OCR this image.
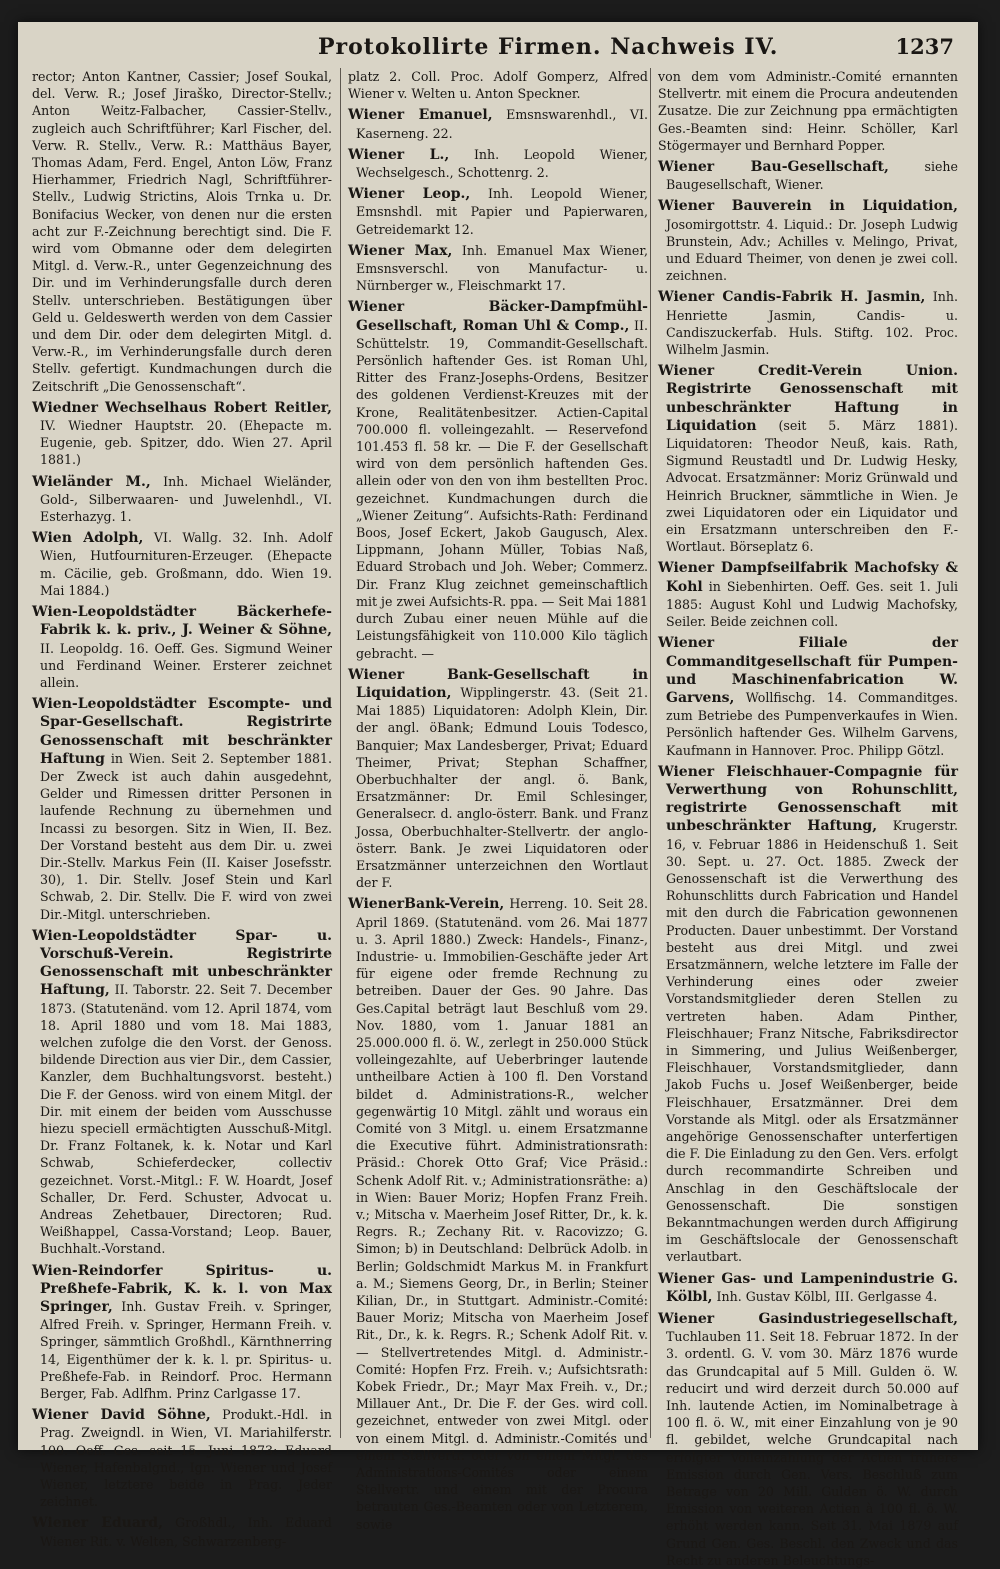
Protokollirte Firmen. Nachweis IV.	1237

rector; Anton Kantner, Cassier; Josef Soukal, del. Verw. R.; Josef Jiraško, Director-Stellv.; Anton Weitz-Falbacher, Cassier-Stellv., zugleich auch Schriftführer; Karl Fischer, del. Verw. R. Stellv., Verw. R.: Matthäus Bayer, Thomas Adam, Ferd. Engel, Anton Löw, Franz Hierhammer, Friedrich Nagl, Schriftführer-Stellv., Ludwig Strictins, Alois Trnka u. Dr. Bonifacius Wecker, von denen nur die ersten acht zur F.-Zeichnung berechtigt sind. Die F. wird vom Obmanne oder dem delegirten Mitgl. d. Verw.-R., unter Gegenzeichnung des Dir. und im Verhinderungsfalle durch deren Stellv. unterschrieben. Bestätigungen über Geld u. Geldeswerth werden von dem Cassier und dem Dir. oder dem delegirten Mitgl. d. Verw.-R., im Verhinderungsfalle durch deren Stellv. gefertigt. Kundmachungen durch die Zeitschrift „Die Genossenschaft“.

Wiedner Wechselhaus Robert Reitler, IV. Wiedner Hauptstr. 20. (Ehepacte m. Eugenie, geb. Spitzer, ddo. Wien 27. April 1881.)

Wieländer M., Inh. Michael Wieländer, Gold-, Silberwaaren- und Juwelenhdl., VI. Esterhazyg. 1.

Wien Adolph, VI. Wallg. 32. Inh. Adolf Wien, Hutfournituren-Erzeuger. (Ehepacte m. Cäcilie, geb. Großmann, ddo. Wien 19. Mai 1884.)

Wien-Leopoldstädter Bäckerhefe-Fabrik k. k. priv., J. Weiner & Söhne, II. Leopoldg. 16. Oeff. Ges. Sigmund Weiner und Ferdinand Weiner. Ersterer zeichnet allein.

Wien-Leopoldstädter Escompte- und Spar-Gesellschaft. Registrirte Genossenschaft mit beschränkter Haftung in Wien. Seit 2. September 1881. Der Zweck ist auch dahin ausgedehnt, Gelder und Rimessen dritter Personen in laufende Rechnung zu übernehmen und Incassi zu besorgen. Sitz in Wien, II. Bez. Der Vorstand besteht aus dem Dir. u. zwei Dir.-Stellv. Markus Fein (II. Kaiser Josefsstr. 30), 1. Dir. Stellv. Josef Stein und Karl Schwab, 2. Dir. Stellv. Die F. wird von zwei Dir.-Mitgl. unterschrieben.

Wien-Leopoldstädter Spar- u. Vorschuß-Verein. Registrirte Genossenschaft mit unbeschränkter Haftung, II. Taborstr. 22. Seit 7. December 1873. (Statutenänd. vom 12. April 1874, vom 18. April 1880 und vom 18. Mai 1883, welchen zufolge die den Vorst. der Genoss. bildende Direction aus vier Dir., dem Cassier, Kanzler, dem Buchhaltungsvorst. besteht.) Die F. der Genoss. wird von einem Mitgl. der Dir. mit einem der beiden vom Ausschusse hiezu speciell ermächtigten Ausschuß-Mitgl. Dr. Franz Foltanek, k. k. Notar und Karl Schwab, Schieferdecker, collectiv gezeichnet. Vorst.-Mitgl.: F. W. Hoardt, Josef Schaller, Dr. Ferd. Schuster, Advocat u. Andreas Zehetbauer, Directoren; Rud. Weißhappel, Cassa-Vorstand; Leop. Bauer, Buchhalt.-Vorstand.

Wien-Reindorfer Spiritus- u. Preßhefe-Fabrik, K. k. l. von Max Springer, Inh. Gustav Freih. v. Springer, Alfred Freih. v. Springer, Hermann Freih. v. Springer, sämmtlich Großhdl., Kärnthnerring 14, Eigenthümer der k. k. l. pr. Spiritus- u. Preßhefe-Fab. in Reindorf. Proc. Hermann Berger, Fab. Adlfhm. Prinz Carlgasse 17.

Wiener David Söhne, Produkt.-Hdl. in Prag. Zweigndl. in Wien, VI. Mariahilferstr. 100. Oeff. Ges. seit 15. Juni 1873: Eduard Wiener, Hafenbalgnd., Ign. Wiener und Josef Wiener, letztere beide in Prag. Jeder zeichnet.

Wiener Eduard, Großhdl., Inh. Eduard Wiener Rit. v. Welten, Schwarzenberg-

platz 2. Coll. Proc. Adolf Gomperz, Alfred Wiener v. Welten u. Anton Speckner.

Wiener Emanuel, Emsnswarenhdl., VI. Kaserneng. 22.

Wiener L., Inh. Leopold Wiener, Wechselgesch., Schottenrg. 2.

Wiener Leop., Inh. Leopold Wiener, Emsnshdl. mit Papier und Papierwaren, Getreidemarkt 12.

Wiener Max, Inh. Emanuel Max Wiener, Emsnsverschl. von Manufactur- u. Nürnberger w., Fleischmarkt 17.

Wiener Bäcker-Dampfmühl-Gesellschaft, Roman Uhl & Comp., II. Schüttelstr. 19, Commandit-Gesellschaft. Persönlich haftender Ges. ist Roman Uhl, Ritter des Franz-Josephs-Ordens, Besitzer des goldenen Verdienst-Kreuzes mit der Krone, Realitätenbesitzer. Actien-Capital 700.000 fl. volleingezahlt. — Reservefond 101.453 fl. 58 kr. — Die F. der Gesellschaft wird von dem persönlich haftenden Ges. allein oder von den von ihm bestellten Proc. gezeichnet. Kundmachungen durch die „Wiener Zeitung“. Aufsichts-Rath: Ferdinand Boos, Josef Eckert, Jakob Gaugusch, Alex. Lippmann, Johann Müller, Tobias Naß, Eduard Strobach und Joh. Weber; Commerz. Dir. Franz Klug zeichnet gemeinschaftlich mit je zwei Aufsichts-R. ppa. — Seit Mai 1881 durch Zubau einer neuen Mühle auf die Leistungsfähigkeit von 110.000 Kilo täglich gebracht. —

Wiener Bank-Gesellschaft in Liquidation, Wipplingerstr. 43. (Seit 21. Mai 1885) Liquidatoren: Adolph Klein, Dir. der angl. öBank; Edmund Louis Todesco, Banquier; Max Landesberger, Privat; Eduard Theimer, Privat; Stephan Schaffner, Oberbuchhalter der angl. ö. Bank, Ersatzmänner: Dr. Emil Schlesinger, Generalsecr. d. anglo-österr. Bank. und Franz Jossa, Oberbuchhalter-Stellvertr. der anglo-österr. Bank. Je zwei Liquidatoren oder Ersatzmänner unterzeichnen den Wortlaut der F.

WienerBank-Verein, Herreng. 10. Seit 28. April 1869. (Statutenänd. vom 26. Mai 1877 u. 3. April 1880.) Zweck: Handels-, Finanz-, Industrie- u. Immobilien-Geschäfte jeder Art für eigene oder fremde Rechnung zu betreiben. Dauer der Ges. 90 Jahre. Das Ges.Capital beträgt laut Beschluß vom 29. Nov. 1880, vom 1. Januar 1881 an 25.000.000 fl. ö. W., zerlegt in 250.000 Stück volleingezahlte, auf Ueberbringer lautende untheilbare Actien à 100 fl. Den Vorstand bildet d. Administrations-R., welcher gegenwärtig 10 Mitgl. zählt und woraus ein Comité von 3 Mitgl. u. einem Ersatzmanne die Executive führt. Administrationsrath: Präsid.: Chorek Otto Graf; Vice Präsid.: Schenk Adolf Rit. v.; Administrationsräthe: a) in Wien: Bauer Moriz; Hopfen Franz Freih. v.; Mitscha v. Maerheim Josef Ritter, Dr., k. k. Regrs. R.; Zechany Rit. v. Racovizzo; G. Simon; b) in Deutschland: Delbrück Adolb. in Berlin; Goldschmidt Markus M. in Frankfurt a. M.; Siemens Georg, Dr., in Berlin; Steiner Kilian, Dr., in Stuttgart. Administr.-Comité: Bauer Moriz; Mitscha von Maerheim Josef Rit., Dr., k. k. Regrs. R.; Schenk Adolf Rit. v. — Stellvertretendes Mitgl. d. Administr.-Comité: Hopfen Frz. Freih. v.; Aufsichtsrath: Kobek Friedr., Dr.; Mayr Max Freih. v., Dr.; Millauer Ant., Dr. Die F. der Ges. wird coll. gezeichnet, entweder von zwei Mitgl. oder von einem Mitgl. d. Administr.-Comités und einem Stellvertr. oder von einem Mitgl. des Administrations-Comités oder einem Stellvertr. und einem mit der Procura betrauten Ges.-Beamten oder von Letzterem, sowie

von dem vom Administr.-Comité ernannten Stellvertr. mit einem die Procura andeutenden Zusatze. Die zur Zeichnung ppa ermächtigten Ges.-Beamten sind: Heinr. Schöller, Karl Stögermayer und Bernhard Popper.

Wiener Bau-Gesellschaft,	siehe Baugesellschaft, Wiener.

Wiener Bauverein in Liquidation, Josomirgottstr. 4. Liquid.: Dr. Joseph Ludwig Brunstein, Adv.; Achilles v. Melingo, Privat, und Eduard Theimer, von denen je zwei coll. zeichnen.

Wiener Candis-Fabrik H. Jasmin, Inh. Henriette Jasmin, Candis- u. Candiszuckerfab. Huls. Stiftg. 102. Proc. Wilhelm Jasmin.

Wiener Credit-Verein Union. Registrirte Genossenschaft mit unbeschränkter Haftung in Liquidation (seit 5. März 1881). Liquidatoren: Theodor Neuß, kais. Rath, Sigmund Reustadtl und Dr. Ludwig Hesky, Advocat. Ersatzmänner: Moriz Grünwald und Heinrich Bruckner, sämmtliche in Wien. Je zwei Liquidatoren oder ein Liquidator und ein Ersatzmann unterschreiben den F.-Wortlaut. Börseplatz 6.

Wiener Dampfseilfabrik Machofsky & Kohl in Siebenhirten. Oeff. Ges. seit 1. Juli 1885: August Kohl und Ludwig Machofsky, Seiler. Beide zeichnen coll.

Wiener Filiale der Commanditgesellschaft für Pumpen- und Maschinenfabrication W. Garvens, Wollfischg. 14. Commanditges. zum Betriebe des Pumpenverkaufes in Wien. Persönlich haftender Ges. Wilhelm Garvens, Kaufmann in Hannover. Proc. Philipp Götzl.

Wiener Fleischhauer-Compagnie für Verwerthung von Rohunschlitt, registrirte Genossenschaft mit unbeschränkter Haftung, Krugerstr. 16, v. Februar 1886 in Heidenschuß 1. Seit 30. Sept. u. 27. Oct. 1885. Zweck der Genossenschaft ist die Verwerthung des Rohunschlitts durch Fabrication und Handel mit den durch die Fabrication gewonnenen Producten. Dauer unbestimmt. Der Vorstand besteht aus drei Mitgl. und zwei Ersatzmännern, welche letztere im Falle der Verhinderung eines oder zweier Vorstandsmitglieder deren Stellen zu vertreten haben. Adam Pinther, Fleischhauer; Franz Nitsche, Fabriksdirector in Simmering, und Julius Weißenberger, Fleischhauer, Vorstandsmitglieder, dann Jakob Fuchs u. Josef Weißenberger, beide Fleischhauer, Ersatzmänner. Drei dem Vorstande als Mitgl. oder als Ersatzmänner angehörige Genossenschafter unterfertigen die F. Die Einladung zu den Gen. Vers. erfolgt durch recommandirte Schreiben und Anschlag in den Geschäftslocale der Genossenschaft. Die sonstigen Bekanntmachungen werden durch Affigirung im Geschäftslocale der Genossenschaft verlautbart.

Wiener Gas- und Lampenindustrie G. Kölbl, Inh. Gustav Kölbl, III. Gerlgasse 4.

Wiener Gasindustriegesellschaft, Tuchlauben 11. Seit 18. Februar 1872. In der 3. ordentl. G. V. vom 30. März 1876 wurde das Grundcapital auf 5 Mill. Gulden ö. W. reducirt und wird derzeit durch 50.000 auf Inh. lautende Actien, im Nominalbetrage à 100 fl. ö. W., mit einer Einzahlung von je 90 fl. gebildet, welche Grundcapital nach erfolgter Volleinzahlung der Actien frühere Emission durch Gen. Vers. Beschluß zum Betrage von 20 Mill. Gulden ö. W. durch Emission von weiteren Actien à 100 fl. ö. W. erhöht werden kann. Seit 31. Mai 1879 auf Grund Gen. Ges. Beschl. den Zweck und das Recht zu anderen Beleuchtungs-
